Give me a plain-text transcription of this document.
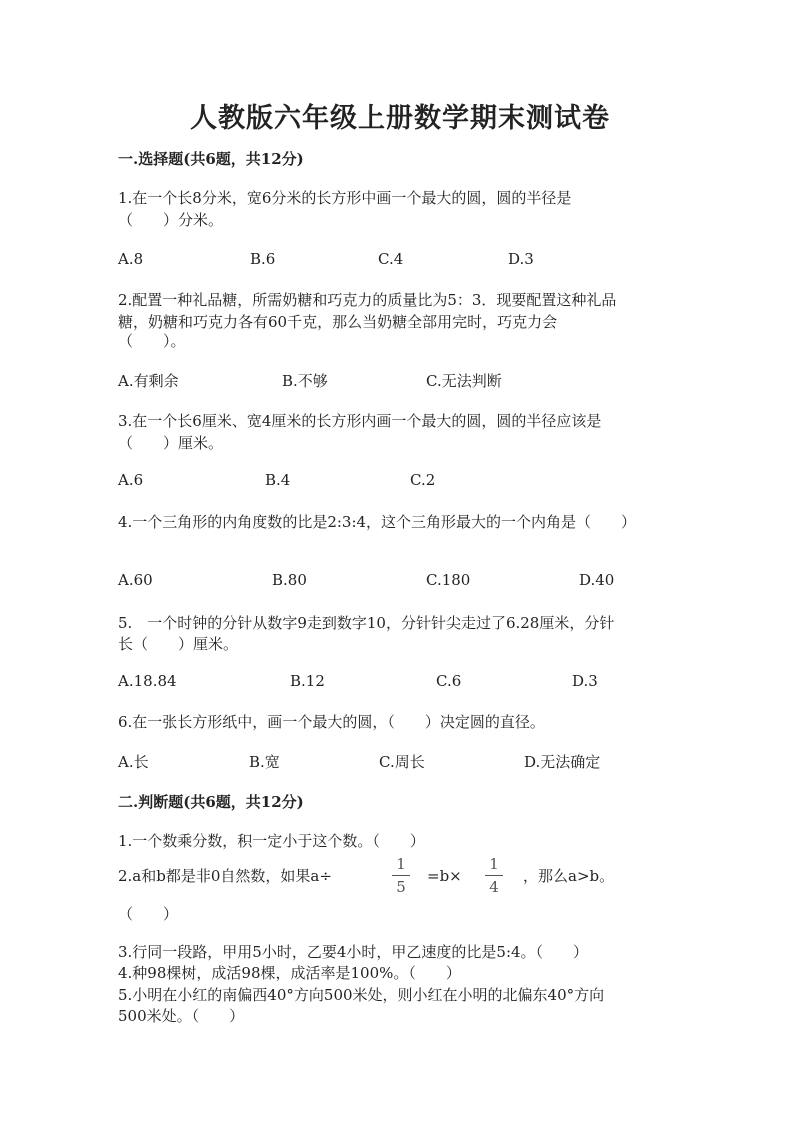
人教版六年级上册数学期末测试卷
一.选择题(共6题，共12分)
1.在一个长8分米，宽6分米的长方形中画一个最大的圆，圆的半径是
（　　）分米。
A.8	B.6	C.4	D.3
2.配置一种礼品糖，所需奶糖和巧克力的质量比为5：3．现要配置这种礼品
糖，奶糖和巧克力各有60千克，那么当奶糖全部用完时，巧克力会
（　　）。
A.有剩余	B.不够	C.无法判断
3.在一个长6厘米、宽4厘米的长方形内画一个最大的圆，圆的半径应该是
（　　）厘米。
A.6	B.4	C.2
4.一个三角形的内角度数的比是2:3:4，这个三角形最大的一个内角是（　　）
A.60	B.80	C.180	D.40
5.　一个时钟的分针从数字9走到数字10，分针针尖走过了6.28厘米，分针
长（　　）厘米。
A.18.84	B.12	C.6	D.3
6.在一张长方形纸中，画一个最大的圆，（　　）决定圆的直径。
A.长	B.宽	C.周长	D.无法确定
二.判断题(共6题，共12分)
1.一个数乘分数，积一定小于这个数。（　　）
2.a和b都是非0自然数，如果a÷
1
5
=b×
1
4
，那么a>b。
（　　）
3.行同一段路，甲用5小时，乙要4小时，甲乙速度的比是5:4。（　　）
4.种98棵树，成活98棵，成活率是100%。（　　）
5.小明在小红的南偏西40°方向500米处，则小红在小明的北偏东40°方向
500米处。（　　）
